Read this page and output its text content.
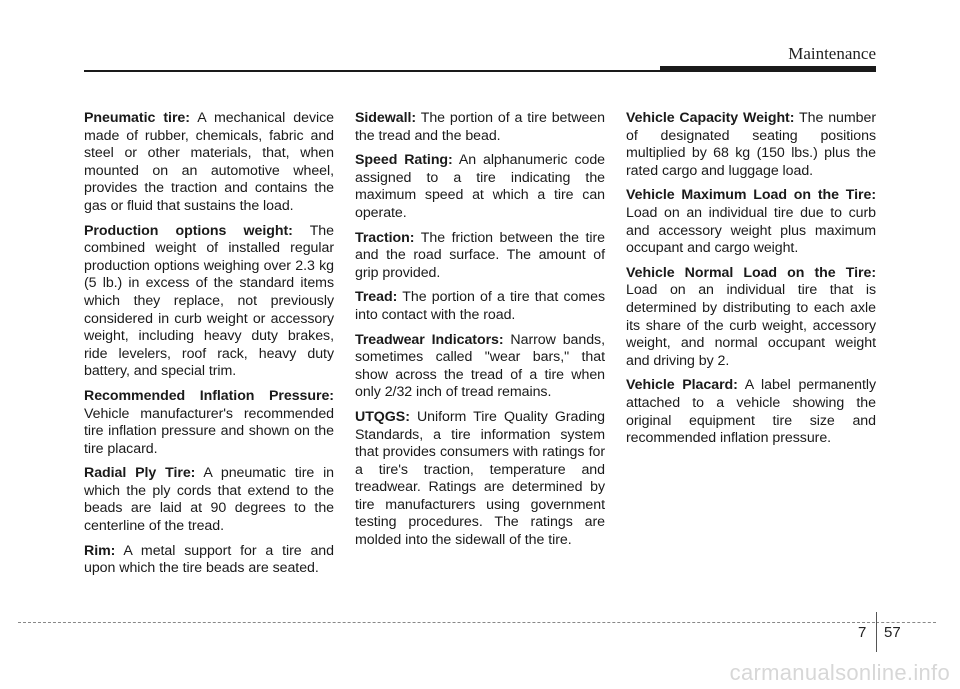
Maintenance

Pneumatic tire: A mechanical device made of rubber, chemicals, fabric and steel or other materials, that, when mounted on an automotive wheel, provides the traction and contains the gas or fluid that sustains the load.

Production options weight: The combined weight of installed regular production options weighing over 2.3 kg (5 lb.) in excess of the standard items which they replace, not previously considered in curb weight or accessory weight, including heavy duty brakes, ride levelers, roof rack, heavy duty battery, and special trim.

Recommended Inflation Pressure: Vehicle manufacturer's recommended tire inflation pressure and shown on the tire placard.

Radial Ply Tire: A pneumatic tire in which the ply cords that extend to the beads are laid at 90 degrees to the centerline of the tread.

Rim: A metal support for a tire and upon which the tire beads are seated.

Sidewall: The portion of a tire between the tread and the bead.

Speed Rating: An alphanumeric code assigned to a tire indicating the maximum speed at which a tire can operate.

Traction: The friction between the tire and the road surface. The amount of grip provided.

Tread: The portion of a tire that comes into contact with the road.

Treadwear Indicators: Narrow bands, sometimes called "wear bars," that show across the tread of a tire when only 2/32 inch of tread remains.

UTQGS: Uniform Tire Quality Grading Standards, a tire information system that provides consumers with ratings for a tire's traction, temperature and treadwear. Ratings are determined by tire manufacturers using government testing procedures. The ratings are molded into the sidewall of the tire.

Vehicle Capacity Weight: The number of designated seating positions multiplied by 68 kg (150 lbs.) plus the rated cargo and luggage load.

Vehicle Maximum Load on the Tire: Load on an individual tire due to curb and accessory weight plus maximum occupant and cargo weight.

Vehicle Normal Load on the Tire: Load on an individual tire that is determined by distributing to each axle its share of the curb weight, accessory weight, and normal occupant weight and driving by 2.

Vehicle Placard: A label permanently attached to a vehicle showing the original equipment tire size and recommended inflation pressure.

7 57
carmanualsonline.info
